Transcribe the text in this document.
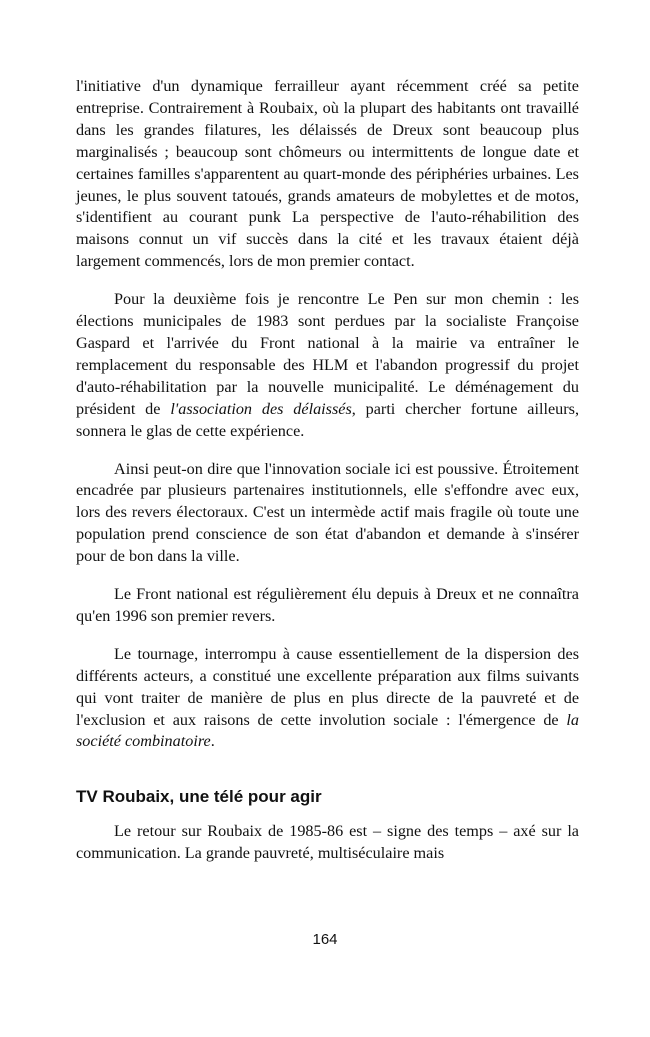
l'initiative d'un dynamique ferrailleur ayant récemment créé sa petite entreprise. Contrairement à Roubaix, où la plupart des habitants ont travaillé dans les grandes filatures, les délaissés de Dreux sont beaucoup plus marginalisés ; beaucoup sont chômeurs ou intermittents de longue date et certaines familles s'apparentent au quart-monde des périphéries urbaines. Les jeunes, le plus souvent tatoués, grands amateurs de mobylettes et de motos, s'identifient au courant punk La perspective de l'auto-réhabilition des maisons connut un vif succès dans la cité et les travaux étaient déjà largement commencés, lors de mon premier contact.

Pour la deuxième fois je rencontre Le Pen sur mon chemin : les élections municipales de 1983 sont perdues par la socialiste Françoise Gaspard et l'arrivée du Front national à la mairie va entraîner le remplacement du responsable des HLM et l'abandon progressif du projet d'auto-réhabilitation par la nouvelle municipalité. Le déménagement du président de l'association des délaissés, parti chercher fortune ailleurs, sonnera le glas de cette expérience.

Ainsi peut-on dire que l'innovation sociale ici est poussive. Étroitement encadrée par plusieurs partenaires institutionnels, elle s'effondre avec eux, lors des revers électoraux. C'est un intermède actif mais fragile où toute une population prend conscience de son état d'abandon et demande à s'insérer pour de bon dans la ville.

Le Front national est régulièrement élu depuis à Dreux et ne connaîtra qu'en 1996 son premier revers.

Le tournage, interrompu à cause essentiellement de la dispersion des différents acteurs, a constitué une excellente préparation aux films suivants qui vont traiter de manière de plus en plus directe de la pauvreté et de l'exclusion et aux raisons de cette involution sociale : l'émergence de la société combinatoire.

TV Roubaix, une télé pour agir

Le retour sur Roubaix de 1985-86 est – signe des temps – axé sur la communication. La grande pauvreté, multiséculaire mais

164
